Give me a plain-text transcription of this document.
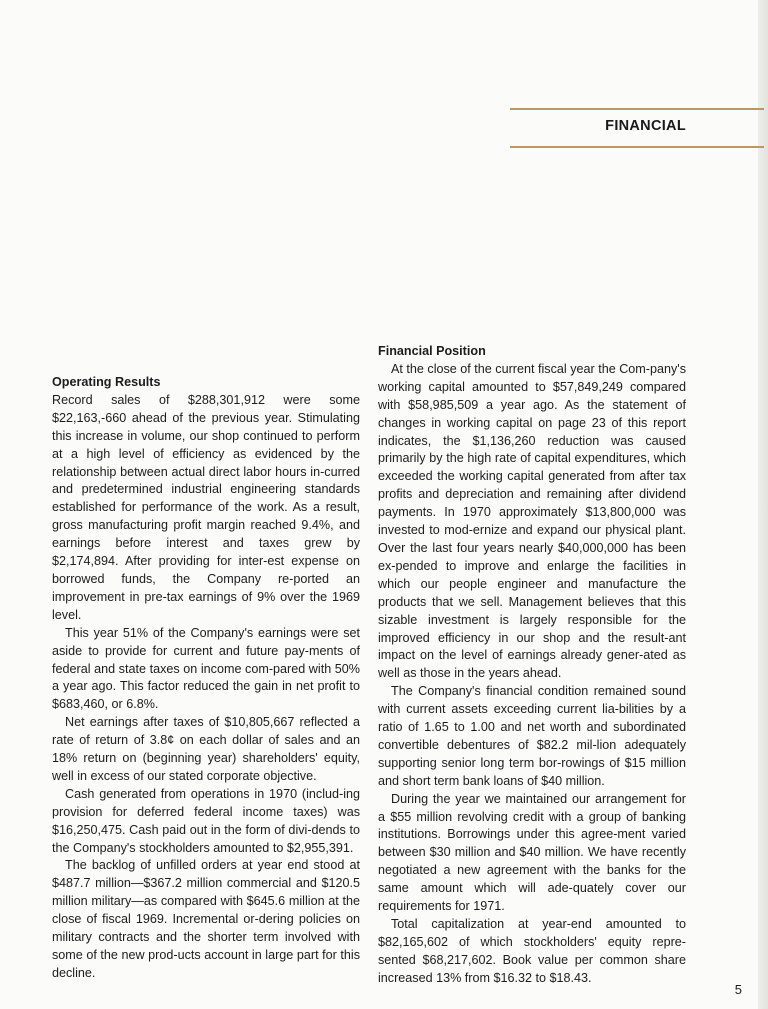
FINANCIAL
Operating Results

Record sales of $288,301,912 were some $22,163,-660 ahead of the previous year. Stimulating this increase in volume, our shop continued to perform at a high level of efficiency as evidenced by the relationship between actual direct labor hours in-curred and predetermined industrial engineering standards established for performance of the work. As a result, gross manufacturing profit margin reached 9.4%, and earnings before interest and taxes grew by $2,174,894. After providing for inter-est expense on borrowed funds, the Company re-ported an improvement in pre-tax earnings of 9% over the 1969 level.

This year 51% of the Company's earnings were set aside to provide for current and future pay-ments of federal and state taxes on income com-pared with 50% a year ago. This factor reduced the gain in net profit to $683,460, or 6.8%.

Net earnings after taxes of $10,805,667 reflected a rate of return of 3.8¢ on each dollar of sales and an 18% return on (beginning year) shareholders' equity, well in excess of our stated corporate objective.

Cash generated from operations in 1970 (includ-ing provision for deferred federal income taxes) was $16,250,475. Cash paid out in the form of divi-dends to the Company's stockholders amounted to $2,955,391.

The backlog of unfilled orders at year end stood at $487.7 million—$367.2 million commercial and $120.5 million military—as compared with $645.6 million at the close of fiscal 1969. Incremental or-dering policies on military contracts and the shorter term involved with some of the new prod-ucts account in large part for this decline.

Financial Position

At the close of the current fiscal year the Com-pany's working capital amounted to $57,849,249 compared with $58,985,509 a year ago. As the statement of changes in working capital on page 23 of this report indicates, the $1,136,260 reduction was caused primarily by the high rate of capital expenditures, which exceeded the working capital generated from after tax profits and depreciation and remaining after dividend payments. In 1970 approximately $13,800,000 was invested to mod-ernize and expand our physical plant. Over the last four years nearly $40,000,000 has been ex-pended to improve and enlarge the facilities in which our people engineer and manufacture the products that we sell. Management believes that this sizable investment is largely responsible for the improved efficiency in our shop and the result-ant impact on the level of earnings already gener-ated as well as those in the years ahead.

The Company's financial condition remained sound with current assets exceeding current lia-bilities by a ratio of 1.65 to 1.00 and net worth and subordinated convertible debentures of $82.2 mil-lion adequately supporting senior long term bor-rowings of $15 million and short term bank loans of $40 million.

During the year we maintained our arrangement for a $55 million revolving credit with a group of banking institutions. Borrowings under this agree-ment varied between $30 million and $40 million. We have recently negotiated a new agreement with the banks for the same amount which will ade-quately cover our requirements for 1971.

Total capitalization at year-end amounted to $82,165,602 of which stockholders' equity repre-sented $68,217,602. Book value per common share increased 13% from $16.32 to $18.43.

5
